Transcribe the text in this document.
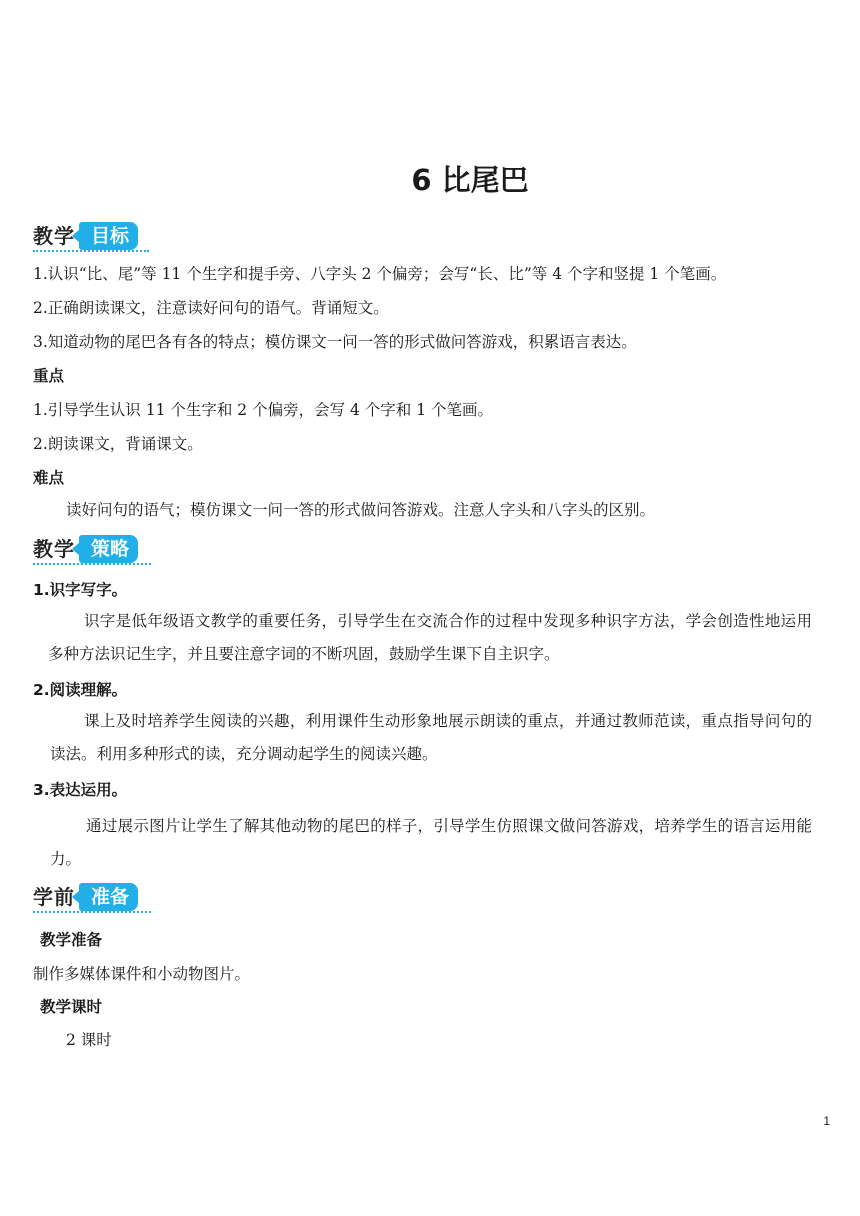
6 比尾巴
教学 目标
1.认识“比、尾”等 11 个生字和提手旁、八字头 2 个偏旁；会写“长、比”等 4 个字和竖提 1 个笔画。
2.正确朗读课文，注意读好问句的语气。背诵短文。
3.知道动物的尾巴各有各的特点；模仿课文一问一答的形式做问答游戏，积累语言表达。
重点
1.引导学生认识 11 个生字和 2 个偏旁，会写 4 个字和 1 个笔画。
2.朗读课文，背诵课文。
难点
读好问句的语气；模仿课文一问一答的形式做问答游戏。注意人字头和八字头的区别。
教学 策略
1.识字写字。
识字是低年级语文教学的重要任务，引导学生在交流合作的过程中发现多种识字方法，学会创造性地运用多种方法识记生字，并且要注意字词的不断巩固，鼓励学生课下自主识字。
2.阅读理解。
课上及时培养学生阅读的兴趣，利用课件生动形象地展示朗读的重点，并通过教师范读，重点指导问句的读法。利用多种形式的读，充分调动起学生的阅读兴趣。
3.表达运用。
通过展示图片让学生了解其他动物的尾巴的样子，引导学生仿照课文做问答游戏，培养学生的语言运用能力。
学前 准备
教学准备
制作多媒体课件和小动物图片。
教学课时
2 课时
1
